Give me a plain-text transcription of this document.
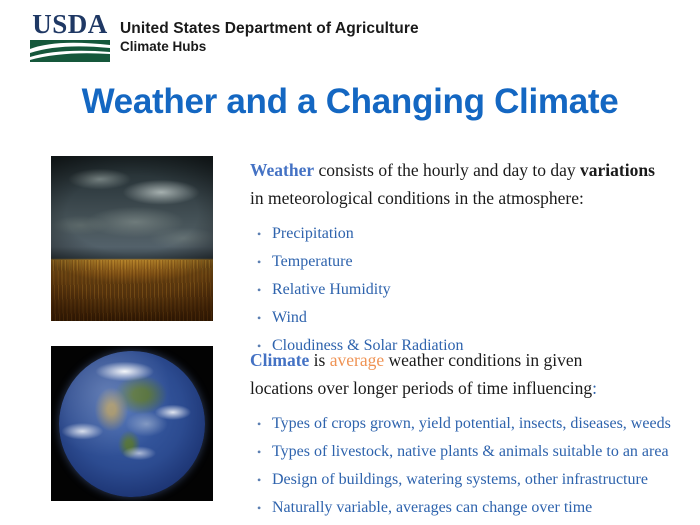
USDA United States Department of Agriculture
Climate Hubs
Weather and a Changing Climate

Weather consists of the hourly and day to day variations
in meteorological conditions in the atmosphere:

• Precipitation
• Temperature
• Relative Humidity
• Wind
• Cloudiness & Solar Radiation

Climate is average weather conditions in given
locations over longer periods of time influencing:

• Types of crops grown, yield potential, insects, diseases, weeds
• Types of livestock, native plants & animals suitable to an area
• Design of buildings, watering systems, other infrastructure
• Naturally variable, averages can change over time
